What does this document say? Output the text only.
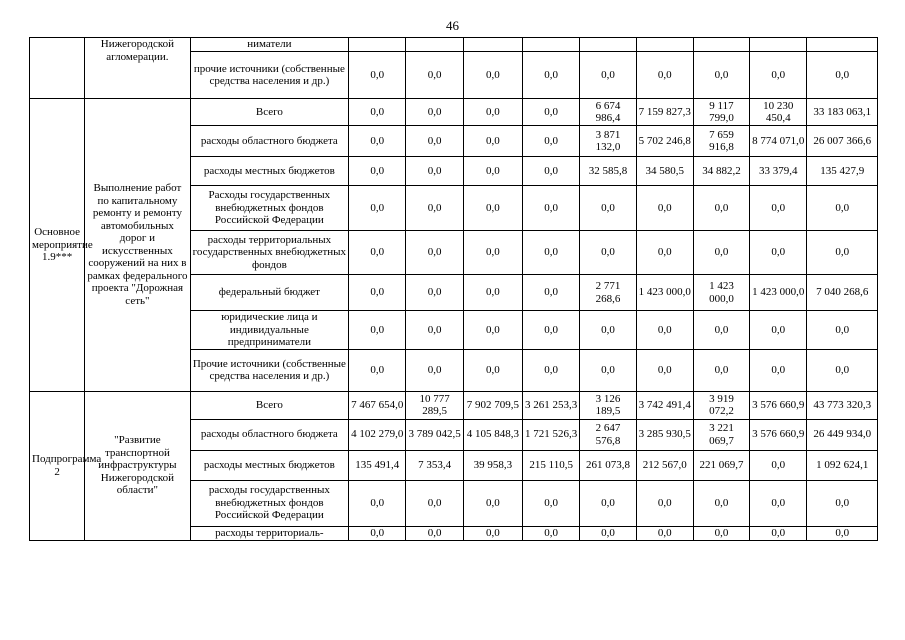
46
	Нижегородской агломерации.	ниматели									
		прочие источники (собственные средства населения и др.)	0,0	0,0	0,0	0,0	0,0	0,0	0,0	0,0	0,0
Основное мероприятие 1.9***	Выполнение работ по капитальному ремонту и ремонту автомобильных дорог и искусственных сооружений на них в рамках федерального проекта "Дорожная сеть"	Всего	0,0	0,0	0,0	0,0	6 674 986,4	7 159 827,3	9 117 799,0	10 230 450,4	33 183 063,1
		расходы областного бюджета	0,0	0,0	0,0	0,0	3 871 132,0	5 702 246,8	7 659 916,8	8 774 071,0	26 007 366,6
		расходы местных бюджетов	0,0	0,0	0,0	0,0	32 585,8	34 580,5	34 882,2	33 379,4	135 427,9
		Расходы государственных внебюджетных фондов Российской Федерации	0,0	0,0	0,0	0,0	0,0	0,0	0,0	0,0	0,0
		расходы территориальных государственных внебюджетных фондов	0,0	0,0	0,0	0,0	0,0	0,0	0,0	0,0	0,0
		федеральный бюджет	0,0	0,0	0,0	0,0	2 771 268,6	1 423 000,0	1 423 000,0	1 423 000,0	7 040 268,6
		юридические лица и индивидуальные предприниматели	0,0	0,0	0,0	0,0	0,0	0,0	0,0	0,0	0,0
		Прочие источники (собственные средства населения и др.)	0,0	0,0	0,0	0,0	0,0	0,0	0,0	0,0	0,0
Подпрограмма 2	"Развитие транспортной инфраструктуры Нижегородской области"	Всего	7 467 654,0	10 777 289,5	7 902 709,5	3 261 253,3	3 126 189,5	3 742 491,4	3 919 072,2	3 576 660,9	43 773 320,3
		расходы областного бюджета	4 102 279,0	3 789 042,5	4 105 848,3	1 721 526,3	2 647 576,8	3 285 930,5	3 221 069,7	3 576 660,9	26 449 934,0
		расходы местных бюджетов	135 491,4	7 353,4	39 958,3	215 110,5	261 073,8	212 567,0	221 069,7	0,0	1 092 624,1
		расходы государственных внебюджетных фондов Российской Федерации	0,0	0,0	0,0	0,0	0,0	0,0	0,0	0,0	0,0
		расходы территориаль-	0,0	0,0	0,0	0,0	0,0	0,0	0,0	0,0	0,0
